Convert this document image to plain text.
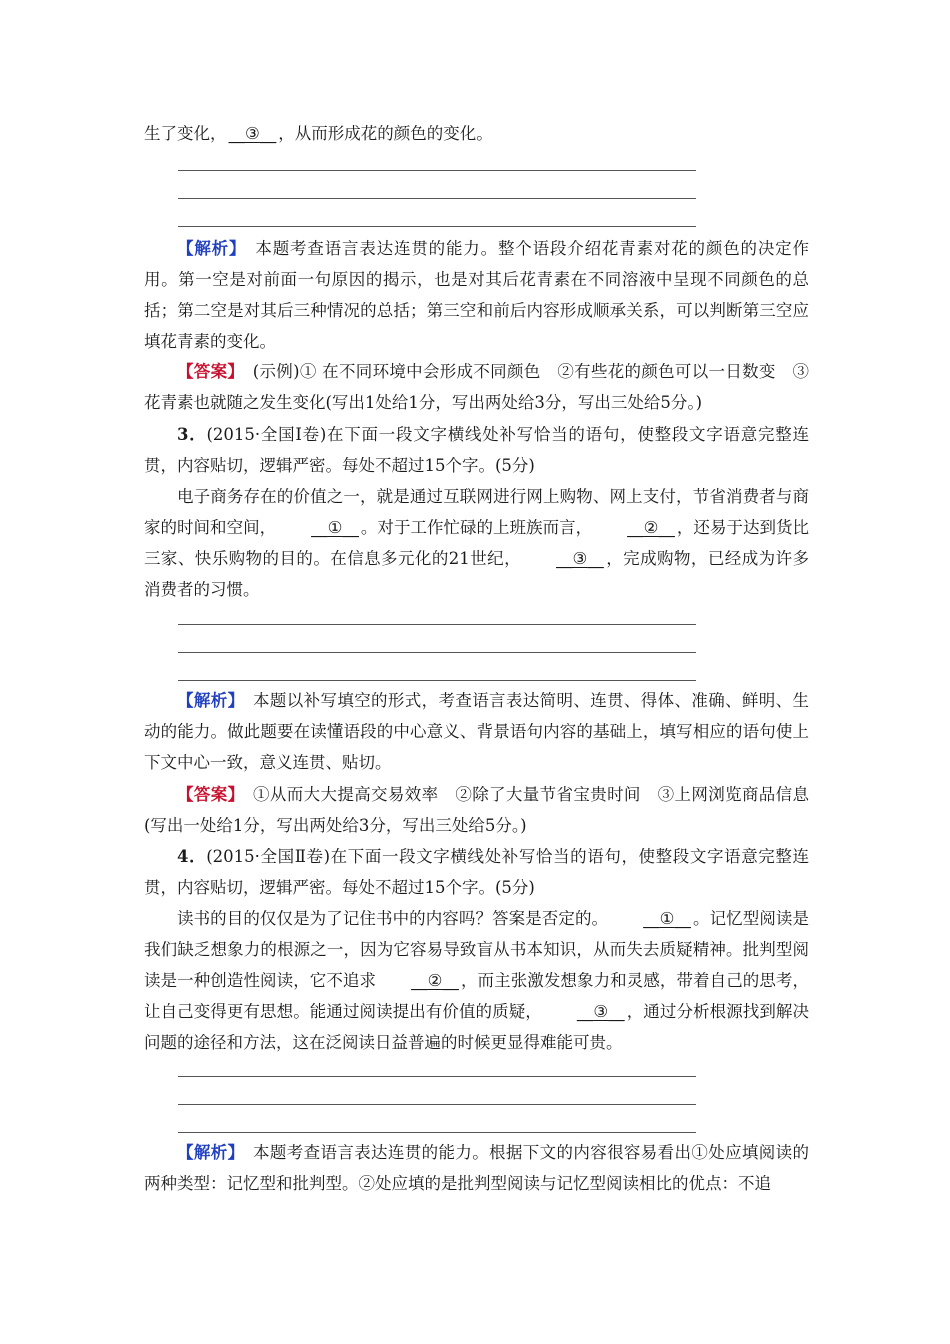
生了变化， __③__ ，从而形成花的颜色的变化。

【解析】　 本题考查语言表达连贯的能力。整个语段介绍花青素对花的颜色的决定作用。第一空是对前面一句原因的揭示，也是对其后花青素在不同溶液中呈现不同颜色的总括；第二空是对其后三种情况的总括；第三空和前后内容形成顺承关系，可以判断第三空应填花青素的变化。

【答案】　 (示例)① 在不同环境中会形成不同颜色　②有些花的颜色可以一日数变　③花青素也就随之发生变化(写出1处给1分，写出两处给3分，写出三处给5分。)

3．(2015·全国Ⅰ卷)在下面一段文字横线处补写恰当的语句，使整段文字语意完整连贯，内容贴切，逻辑严密。每处不超过15个字。(5分)

电子商务存在的价值之一，就是通过互联网进行网上购物、网上支付，节省消费者与商家的时间和空间， __①__ 。对于工作忙碌的上班族而言， __②__ ，还易于达到货比三家、快乐购物的目的。在信息多元化的21世纪， __③__ ，完成购物，已经成为许多消费者的习惯。

【解析】　 本题以补写填空的形式，考查语言表达简明、连贯、得体、准确、鲜明、生动的能力。做此题要在读懂语段的中心意义、背景语句内容的基础上，填写相应的语句使上下文中心一致，意义连贯、贴切。

【答案】　 ①从而大大提高交易效率　②除了大量节省宝贵时间　③上网浏览商品信息(写出一处给1分，写出两处给3分，写出三处给5分。)

4．(2015·全国Ⅱ卷)在下面一段文字横线处补写恰当的语句，使整段文字语意完整连贯，内容贴切，逻辑严密。每处不超过15个字。(5分)

读书的目的仅仅是为了记住书中的内容吗？答案是否定的。 __①__ 。记忆型阅读是我们缺乏想象力的根源之一，因为它容易导致盲从书本知识，从而失去质疑精神。批判型阅读是一种创造性阅读，它不追求 __②__ ，而主张激发想象力和灵感，带着自己的思考，让自己变得更有思想。能通过阅读提出有价值的质疑， __③__ ，通过分析根源找到解决问题的途径和方法，这在泛阅读日益普遍的时候更显得难能可贵。

【解析】　 本题考查语言表达连贯的能力。根据下文的内容很容易看出①处应填阅读的两种类型：记忆型和批判型。②处应填的是批判型阅读与记忆型阅读相比的优点：不追
